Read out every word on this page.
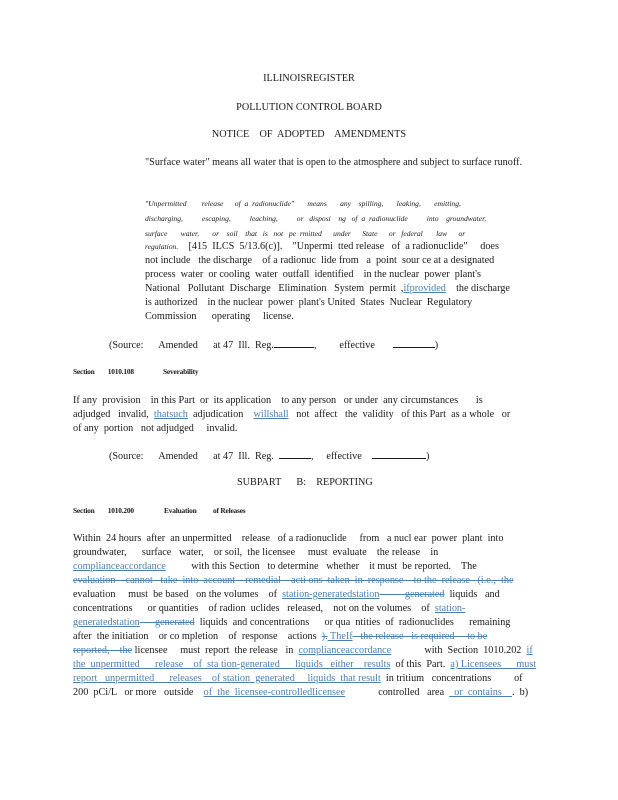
ILLINOISREGISTER
POLLUTION CONTROL BOARD
NOTICE    OF  ADOPTED    AMENDMENTS
"Surface water" means all water that is open to the atmosphere and subject to surface runoff.
"Unpermitted        release      of  a  radionuclide"       means       any    spilling,       leaking,       emitting,
discharging,          escaping,          leaching,          or   disposi    ng   of  a  radionuclide          into    groundwater,
surface       water,       or    soil    that   is   not   pe  rmitted      under      State      or   federal       law      or
regulation.    [415  ILCS  5/13.6(c)].    "Unpermi  tted release   of  a radionuclide"     does
not include   the discharge    of a radionuc  lide from   a  point  sour ce at a designated
process  water  or cooling  water  outfall  identified    in the nuclear  power  plant's
National   Pollutant  Discharge   Elimination   System  permit  ,ifprovided    the discharge
is authorized    in the nuclear  power  plant's United  States  Nuclear  Regulatory
Commission      operating     license.
(Source:      Amended      at 47  Ill.  Reg.	,         effective	)
Section        1010.108	Severability
If any  provision    in this Part  or  its application    to any person   or under  any circumstances       is
adjudged   invalid,  thatsuch  adjudication    willshall   not  affect   the  validity   of this Part  as a whole   or
of any  portion   not adjudged     invalid.
(Source:      Amended      at 47  Ill.  Reg.	,     effective	)
SUBPART      B:    REPORTING
Section        1010.200	Evaluation          of Releases
Within  24 hours  after  an unpermitted    release   of a radionuclide     from   a nucl ear  power  plant  into
groundwater,      surface   water,    or soil,  the licensee     must  evaluate    the release    in
complianceaccordance          with this Section   to determine   whether    it must  be reported.    The
evaluation    cannot   take  into  account    remedial    acti ons  taken  in  response    to the  release   (i.e.,  the
evaluation     must  be based   on the volumes    of  station-generatedstation          generated  liquids   and
concentrations      or quantities    of radion  uclides   released,    not on the volumes    of  station-
generatedstation      generated  liquids  and concentrations      or qua  ntities  of  radionuclides      remaining
after  the initiation    or co mpletion    of  response    actions  ). TheIf   the release   is required     to be
reported,    the licensee     must  report  the release   in  complianceaccordance             with  Section  1010.202  if
the  unpermitted      release    of  sta tion-generated      liquids   either    results  of this  Part.  a) Licensees      must
report   unpermitted      releases    of station  generated     liquids  that result  in tritium   concentrations         of
200  pCi/L   or more   outside    of  the  licensee-controlledlicensee             controlled   area    or  contains    .  b)
